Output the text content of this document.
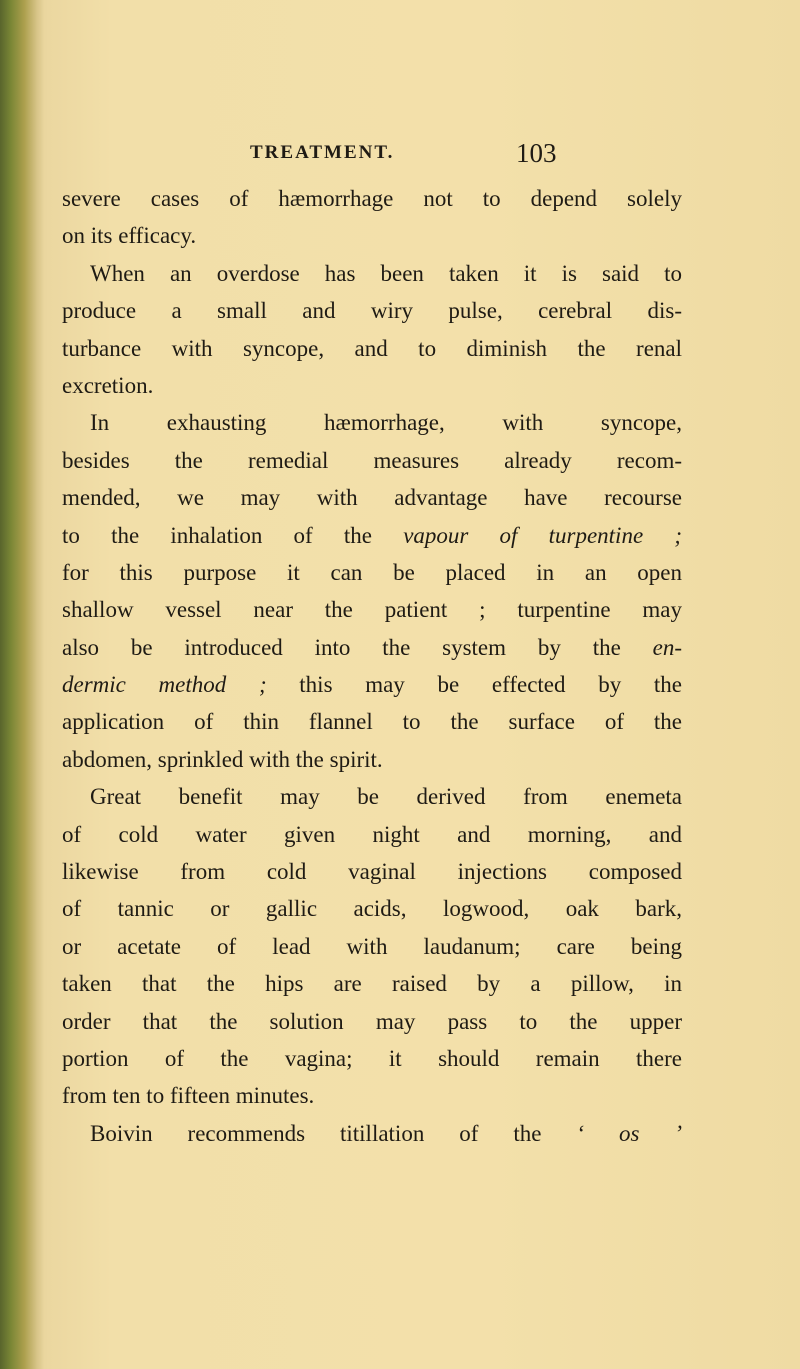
TREATMENT.	103
severe cases of hæmorrhage not to depend solely
on its efficacy.
When an overdose has been taken it is said to
produce a small and wiry pulse, cerebral dis-
turbance with syncope, and to diminish the renal
excretion.
In exhausting hæmorrhage, with syncope,
besides the remedial measures already recom-
mended, we may with advantage have recourse
to the inhalation of the vapour of turpentine ;
for this purpose it can be placed in an open
shallow vessel near the patient ; turpentine may
also be introduced into the system by the en-
dermic method ; this may be effected by the
application of thin flannel to the surface of the
abdomen, sprinkled with the spirit.
Great benefit may be derived from enemeta
of cold water given night and morning, and
likewise from cold vaginal injections composed
of tannic or gallic acids, logwood, oak bark,
or acetate of lead with laudanum; care being
taken that the hips are raised by a pillow, in
order that the solution may pass to the upper
portion of the vagina; it should remain there
from ten to fifteen minutes.
Boivin recommends titillation of the ‘ os ’
